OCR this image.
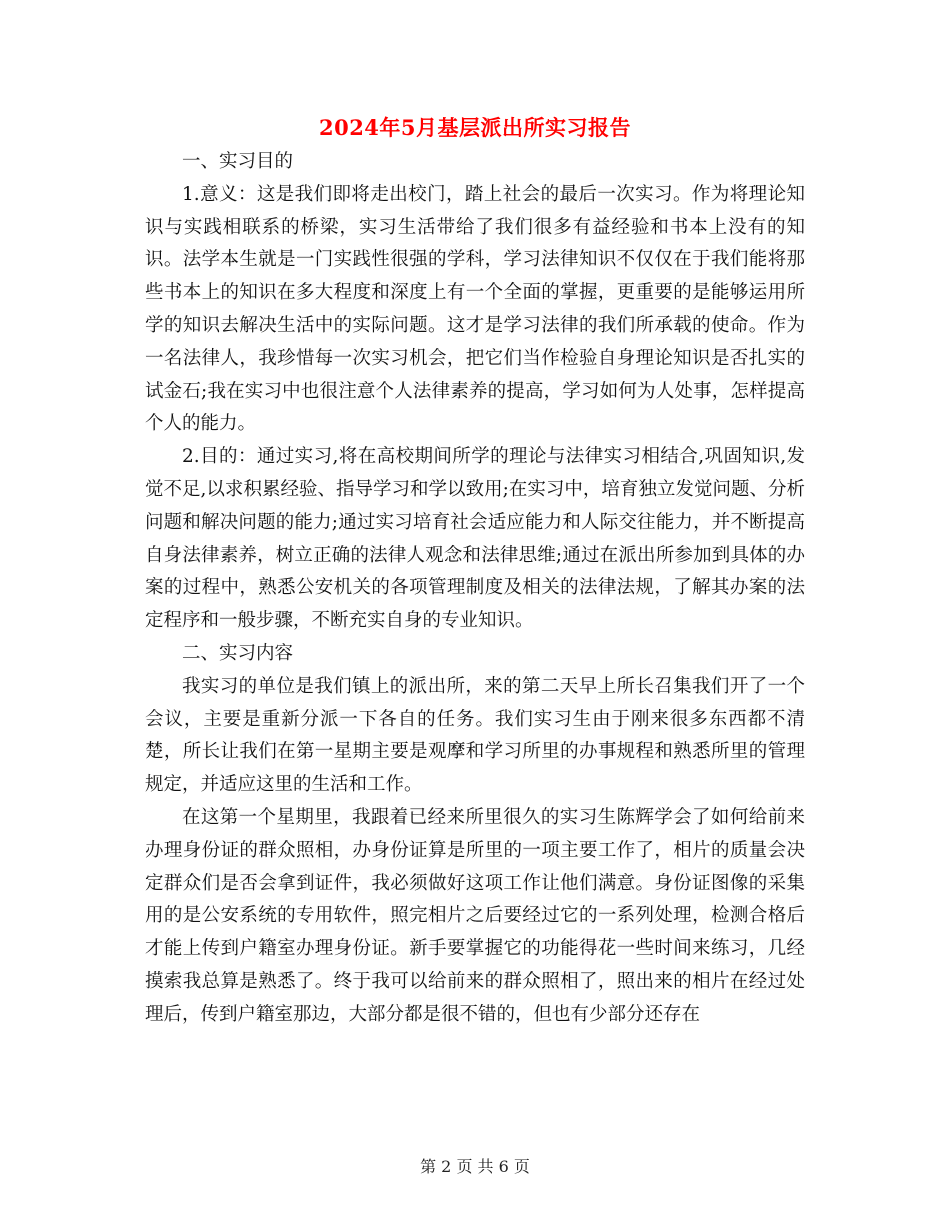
2024年5月基层派出所实习报告

一、实习目的

1.意义：这是我们即将走出校门，踏上社会的最后一次实习。作为将理论知识与实践相联系的桥梁，实习生活带给了我们很多有益经验和书本上没有的知识。法学本生就是一门实践性很强的学科，学习法律知识不仅仅在于我们能将那些书本上的知识在多大程度和深度上有一个全面的掌握，更重要的是能够运用所学的知识去解决生活中的实际问题。这才是学习法律的我们所承载的使命。作为一名法律人，我珍惜每一次实习机会，把它们当作检验自身理论知识是否扎实的试金石;我在实习中也很注意个人法律素养的提高，学习如何为人处事，怎样提高个人的能力。

2.目的：通过实习,将在高校期间所学的理论与法律实习相结合,巩固知识,发觉不足,以求积累经验、指导学习和学以致用;在实习中，培育独立发觉问题、分析问题和解决问题的能力;通过实习培育社会适应能力和人际交往能力，并不断提高自身法律素养，树立正确的法律人观念和法律思维;通过在派出所参加到具体的办案的过程中，熟悉公安机关的各项管理制度及相关的法律法规，了解其办案的法定程序和一般步骤，不断充实自身的专业知识。

二、实习内容

我实习的单位是我们镇上的派出所，来的第二天早上所长召集我们开了一个会议，主要是重新分派一下各自的任务。我们实习生由于刚来很多东西都不清楚，所长让我们在第一星期主要是观摩和学习所里的办事规程和熟悉所里的管理规定，并适应这里的生活和工作。

在这第一个星期里，我跟着已经来所里很久的实习生陈辉学会了如何给前来办理身份证的群众照相，办身份证算是所里的一项主要工作了，相片的质量会决定群众们是否会拿到证件，我必须做好这项工作让他们满意。身份证图像的采集用的是公安系统的专用软件，照完相片之后要经过它的一系列处理，检测合格后才能上传到户籍室办理身份证。新手要掌握它的功能得花一些时间来练习，几经摸索我总算是熟悉了。终于我可以给前来的群众照相了，照出来的相片在经过处理后，传到户籍室那边，大部分都是很不错的，但也有少部分还存在

第 2 页 共 6 页
